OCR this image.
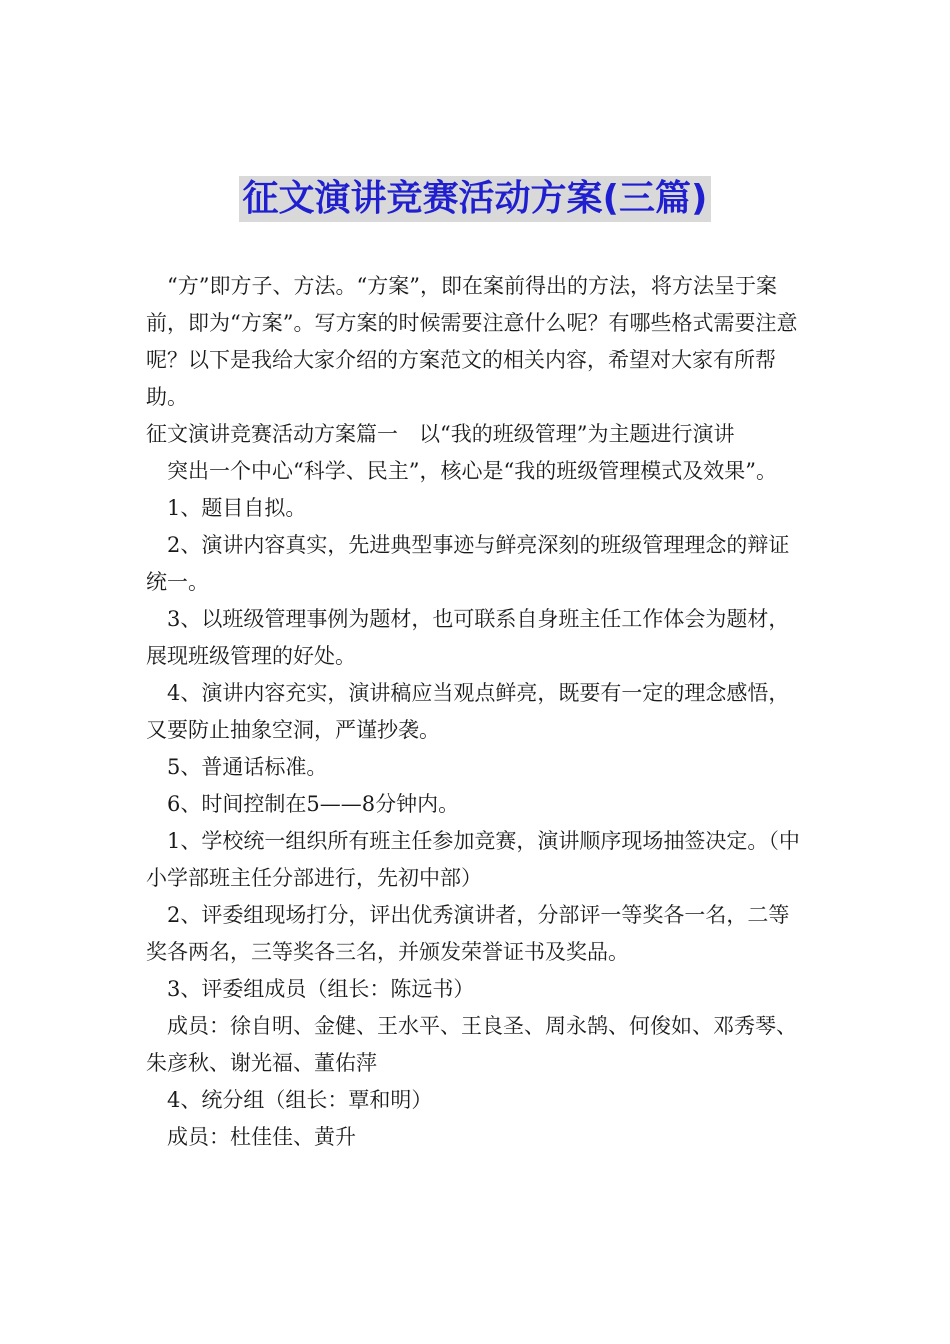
征文演讲竞赛活动方案(三篇)

“方”即方子、方法。“方案”，即在案前得出的方法，将方法呈于案前，即为“方案”。写方案的时候需要注意什么呢？有哪些格式需要注意呢？以下是我给大家介绍的方案范文的相关内容，希望对大家有所帮助。

征文演讲竞赛活动方案篇一　以“我的班级管理”为主题进行演讲

突出一个中心“科学、民主”，核心是“我的班级管理模式及效果”。

1、题目自拟。

2、演讲内容真实，先进典型事迹与鲜亮深刻的班级管理理念的辩证统一。

3、以班级管理事例为题材，也可联系自身班主任工作体会为题材，展现班级管理的好处。

4、演讲内容充实，演讲稿应当观点鲜亮，既要有一定的理念感悟，又要防止抽象空洞，严谨抄袭。

5、普通话标准。

6、时间控制在5——8分钟内。

1、学校统一组织所有班主任参加竞赛，演讲顺序现场抽签决定。（中小学部班主任分部进行，先初中部）

2、评委组现场打分，评出优秀演讲者，分部评一等奖各一名，二等奖各两名，三等奖各三名，并颁发荣誉证书及奖品。

3、评委组成员（组长：陈远书）

成员：徐自明、金健、王水平、王良圣、周永鹄、何俊如、邓秀琴、朱彦秋、谢光福、董佑萍

4、统分组（组长：覃和明）

成员：杜佳佳、黄升
